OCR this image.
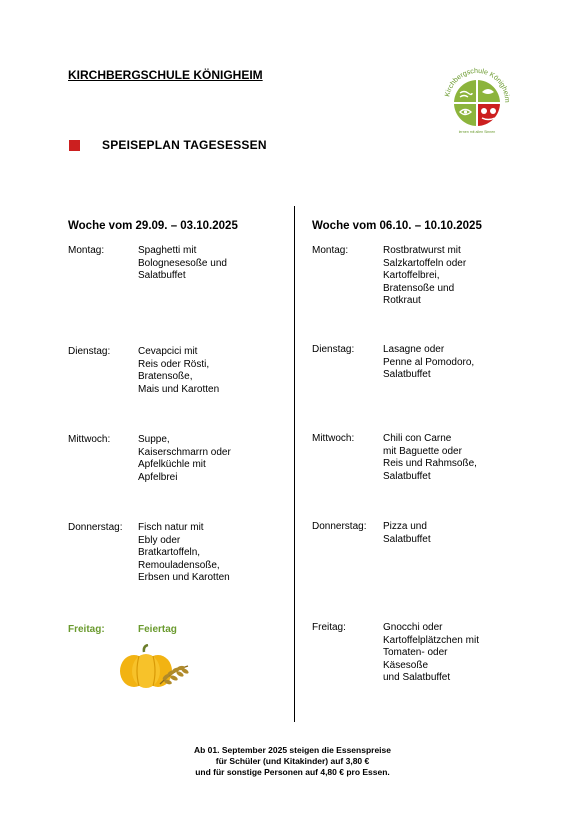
KIRCHBERGSCHULE KÖNIGHEIM
Kirchbergschule Königheim
lernen mit allen Sinnen
SPEISEPLAN TAGESESSEN
Woche vom 29.09. – 03.10.2025
Montag:	Spaghetti mit
Bolognesesoße und
Salatbuffet
Dienstag:	Cevapcici mit
Reis oder Rösti,
Bratensoße,
Mais und Karotten
Mittwoch:	Suppe,
Kaiserschmarrn oder
Apfelküchle mit
Apfelbrei
Donnerstag: Fisch natur mit
Ebly oder
Bratkartoffeln,
Remouladensoße,
Erbsen und Karotten
Freitag:	Feiertag
Woche vom 06.10. – 10.10.2025
Montag:	Rostbratwurst mit
Salzkartoffeln oder
Kartoffelbrei,
Bratensoße und
Rotkraut
Dienstag:	Lasagne oder
Penne al Pomodoro,
Salatbuffet
Mittwoch:	Chili con Carne
mit Baguette oder
Reis und Rahmsoße,
Salatbuffet
Donnerstag: Pizza und
Salatbuffet
Freitag:	Gnocchi oder
Kartoffelplätzchen mit
Tomaten- oder
Käsesoße
und Salatbuffet
Ab 01. September 2025 steigen die Essenspreise
für Schüler (und Kitakinder) auf 3,80 €
und für sonstige Personen auf 4,80 € pro Essen.
